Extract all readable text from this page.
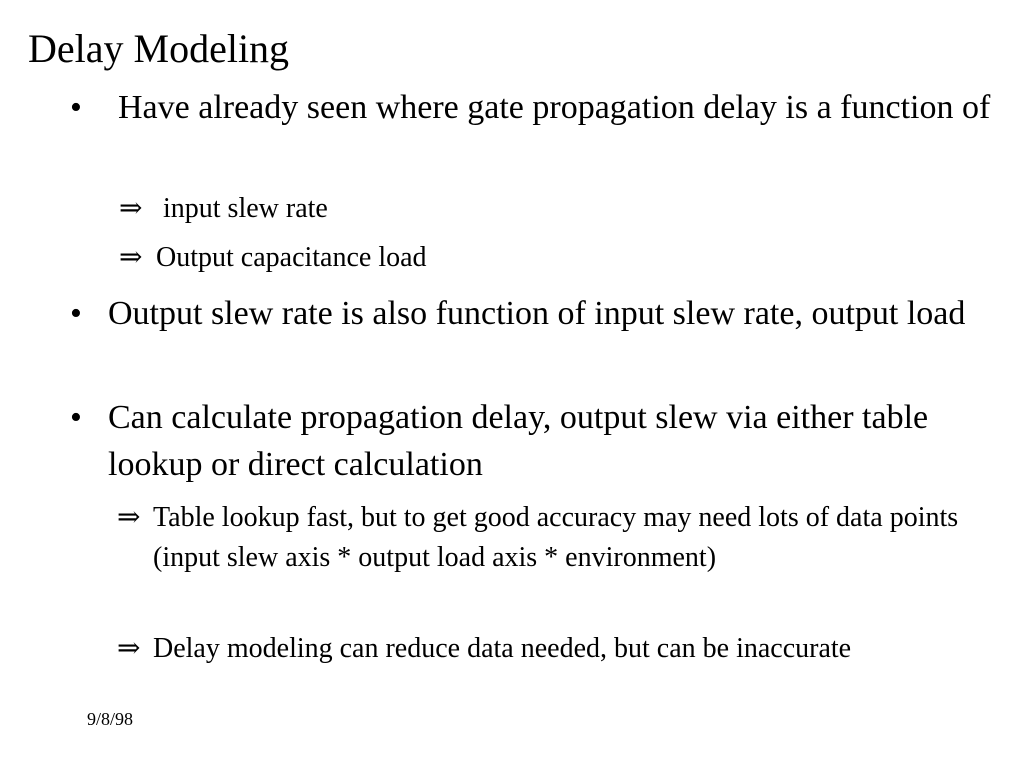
Delay Modeling
• Have already seen where gate propagation delay is a function of
⇒ input slew rate
⇒ Output capacitance load
• Output slew rate is also function of input slew rate, output load
• Can calculate propagation delay, output slew via either table lookup or direct calculation
⇒ Table lookup fast, but to get good accuracy may need lots of data points (input slew axis * output load axis * environment)
⇒ Delay modeling can reduce data needed, but can be inaccurate
9/8/98
